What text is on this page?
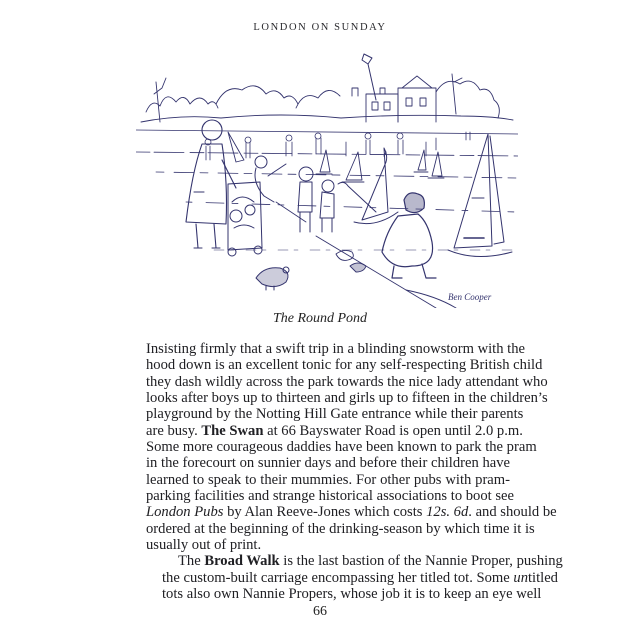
LONDON ON SUNDAY
Ben Cooper
The Round Pond
Insisting firmly that a swift trip in a blinding snowstorm with the
hood down is an excellent tonic for any self-respecting British child
they dash wildly across the park towards the nice lady attendant who
looks after boys up to thirteen and girls up to fifteen in the children’s
playground by the Notting Hill Gate entrance while their parents
are busy. The Swan at 66 Bayswater Road is open until 2.0 p.m.
Some more courageous daddies have been known to park the pram
in the forecourt on sunnier days and before their children have
learned to speak to their mummies. For other pubs with pram-
parking facilities and strange historical associations to boot see
London Pubs by Alan Reeve-Jones which costs 12s. 6d. and should be
ordered at the beginning of the drinking-season by which time it is
usually out of print.
The Broad Walk is the last bastion of the Nannie Proper, pushing
the custom-built carriage encompassing her titled tot. Some untitled
tots also own Nannie Propers, whose job it is to keep an eye well
66
